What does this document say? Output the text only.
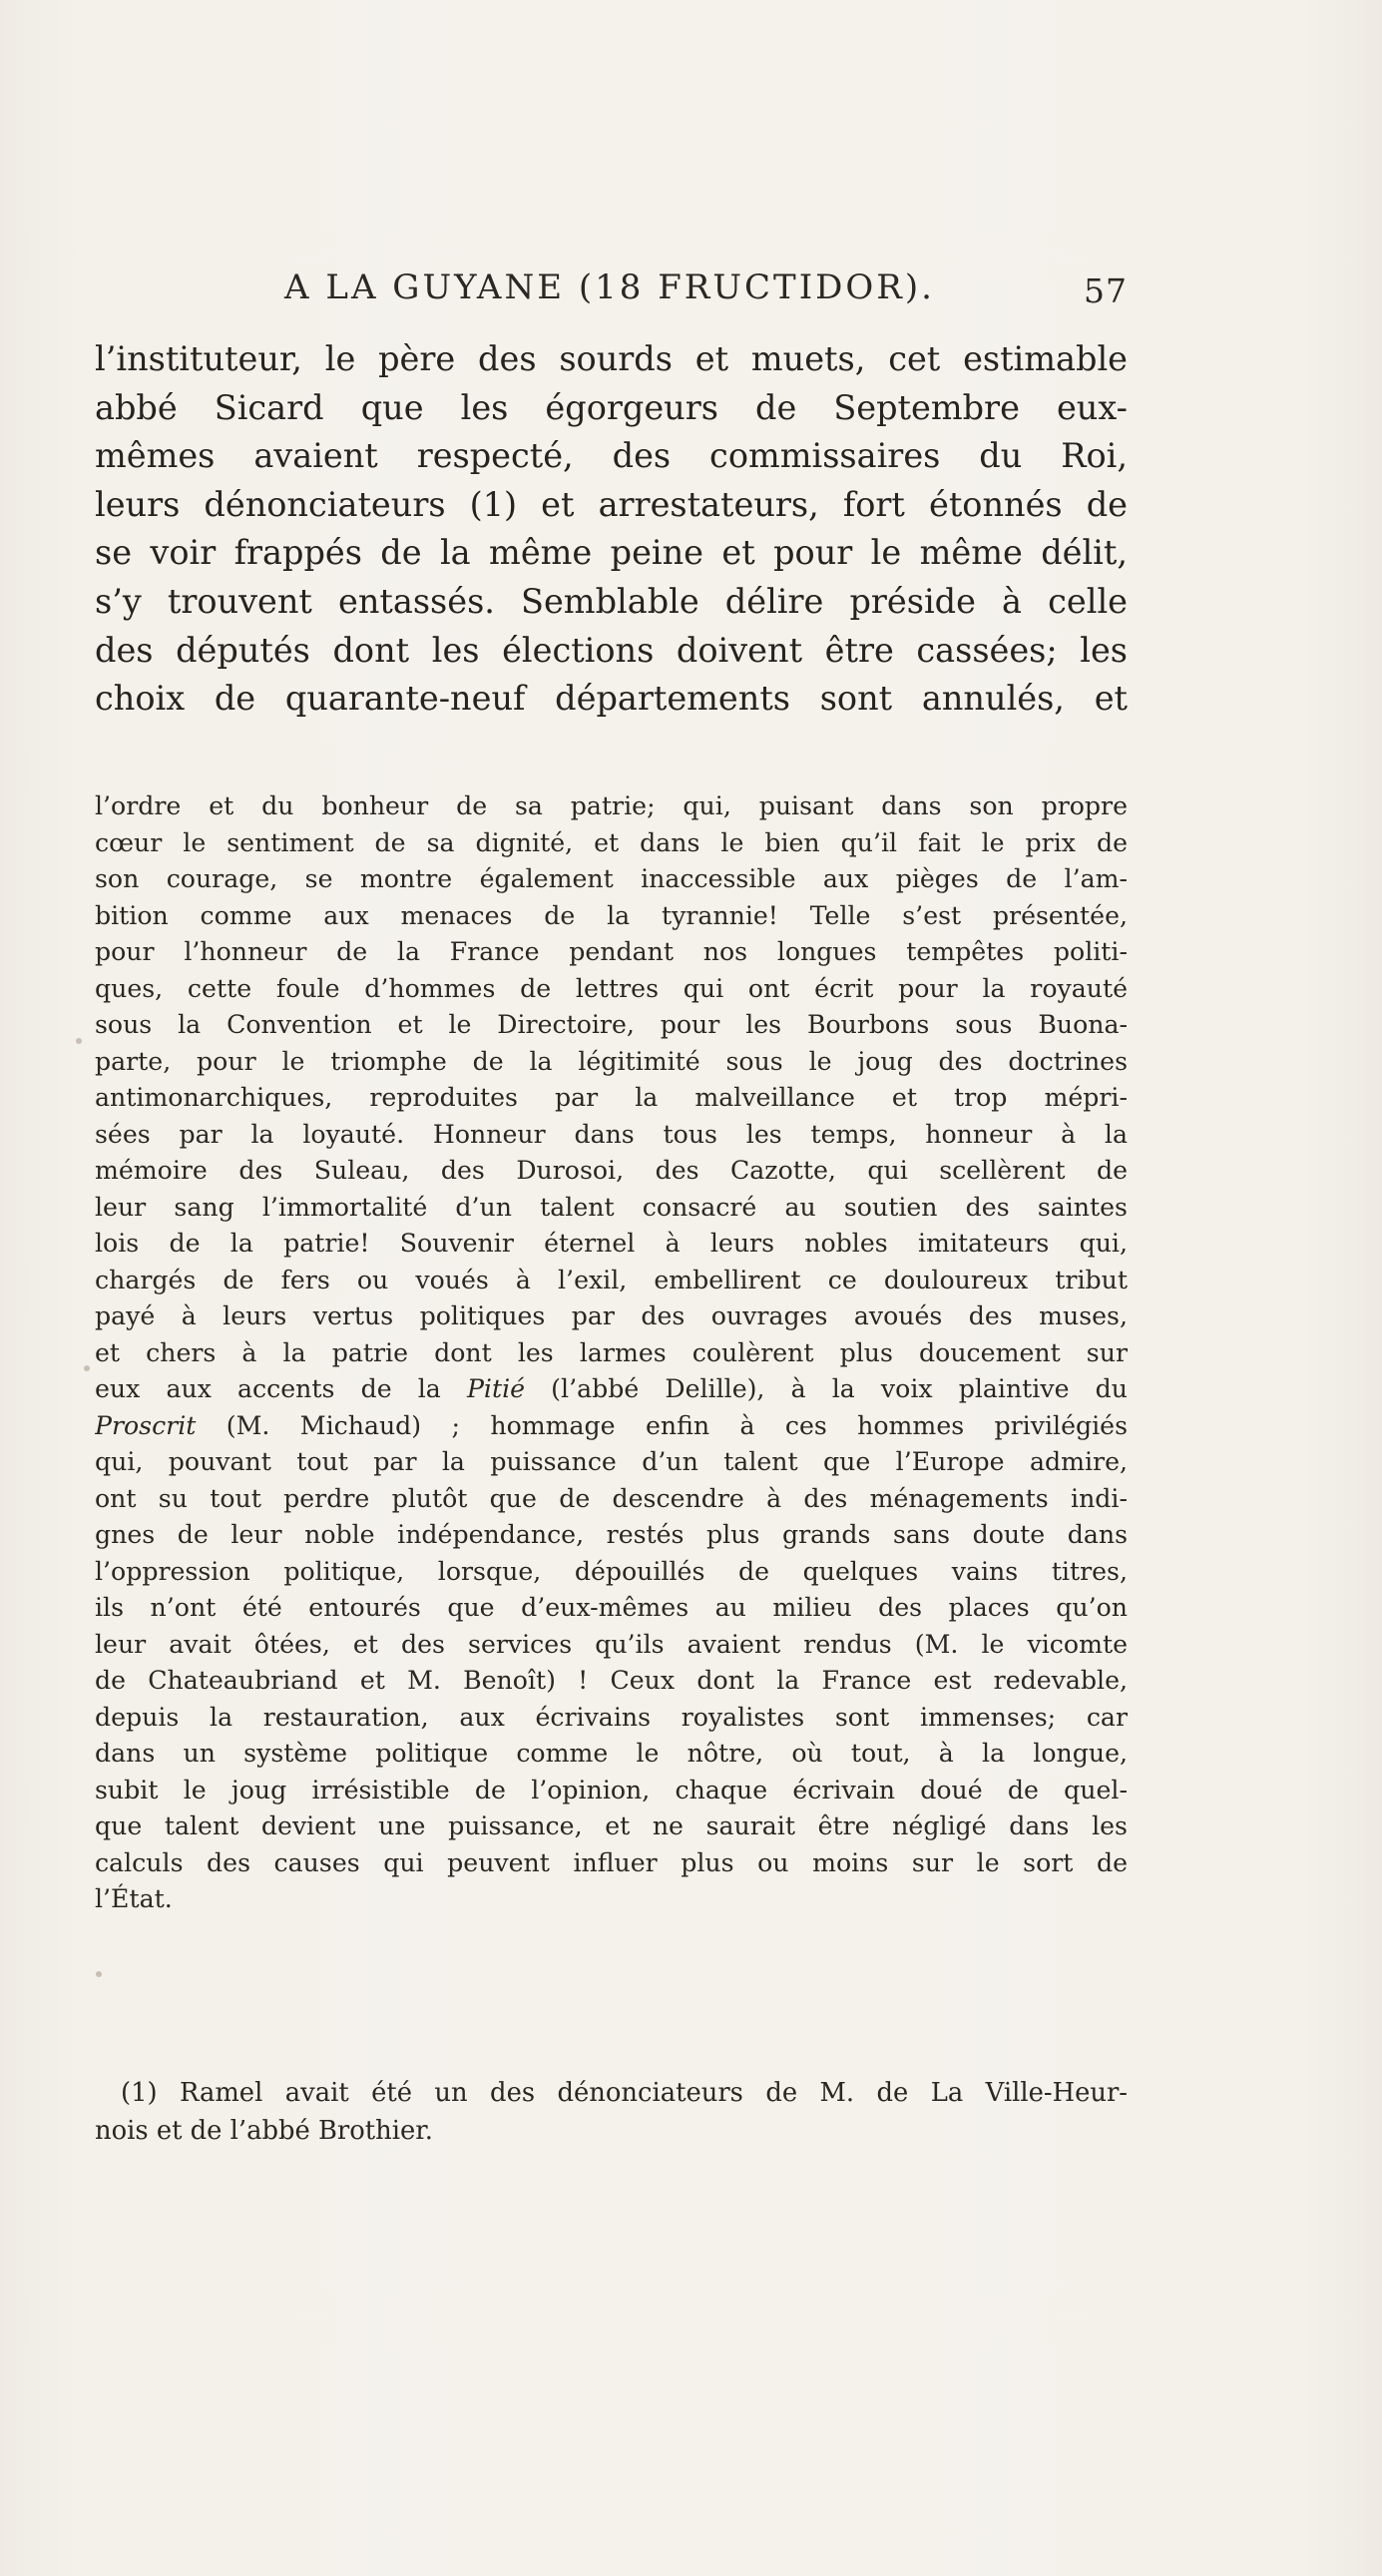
A LA GUYANE (18 FRUCTIDOR).	57
l’instituteur, le père des sourds et muets, cet estimable
abbé Sicard que les égorgeurs de Septembre eux-
mêmes avaient respecté, des commissaires du Roi,
leurs dénonciateurs (1) et arrestateurs, fort étonnés de
se voir frappés de la même peine et pour le même délit,
s’y trouvent entassés. Semblable délire préside à celle
des députés dont les élections doivent être cassées; les
choix de quarante-neuf départements sont annulés, et
l’ordre et du bonheur de sa patrie; qui, puisant dans son propre
cœur le sentiment de sa dignité, et dans le bien qu’il fait le prix de
son courage, se montre également inaccessible aux pièges de l’am-
bition comme aux menaces de la tyrannie! Telle s’est présentée,
pour l’honneur de la France pendant nos longues tempêtes politi-
ques, cette foule d’hommes de lettres qui ont écrit pour la royauté
sous la Convention et le Directoire, pour les Bourbons sous Buona-
parte, pour le triomphe de la légitimité sous le joug des doctrines
antimonarchiques, reproduites par la malveillance et trop mépri-
sées par la loyauté. Honneur dans tous les temps, honneur à la
mémoire des Suleau, des Durosoi, des Cazotte, qui scellèrent de
leur sang l’immortalité d’un talent consacré au soutien des saintes
lois de la patrie! Souvenir éternel à leurs nobles imitateurs qui,
chargés de fers ou voués à l’exil, embellirent ce douloureux tribut
payé à leurs vertus politiques par des ouvrages avoués des muses,
et chers à la patrie dont les larmes coulèrent plus doucement sur
eux aux accents de la Pitié (l’abbé Delille), à la voix plaintive du
Proscrit (M. Michaud) ; hommage enfin à ces hommes privilégiés
qui, pouvant tout par la puissance d’un talent que l’Europe admire,
ont su tout perdre plutôt que de descendre à des ménagements indi-
gnes de leur noble indépendance, restés plus grands sans doute dans
l’oppression politique, lorsque, dépouillés de quelques vains titres,
ils n’ont été entourés que d’eux-mêmes au milieu des places qu’on
leur avait ôtées, et des services qu’ils avaient rendus (M. le vicomte
de Chateaubriand et M. Benoît) ! Ceux dont la France est redevable,
depuis la restauration, aux écrivains royalistes sont immenses; car
dans un système politique comme le nôtre, où tout, à la longue,
subit le joug irrésistible de l’opinion, chaque écrivain doué de quel-
que talent devient une puissance, et ne saurait être négligé dans les
calculs des causes qui peuvent influer plus ou moins sur le sort de
l’État.
(1) Ramel avait été un des dénonciateurs de M. de La Ville-Heur-
nois et de l’abbé Brothier.
